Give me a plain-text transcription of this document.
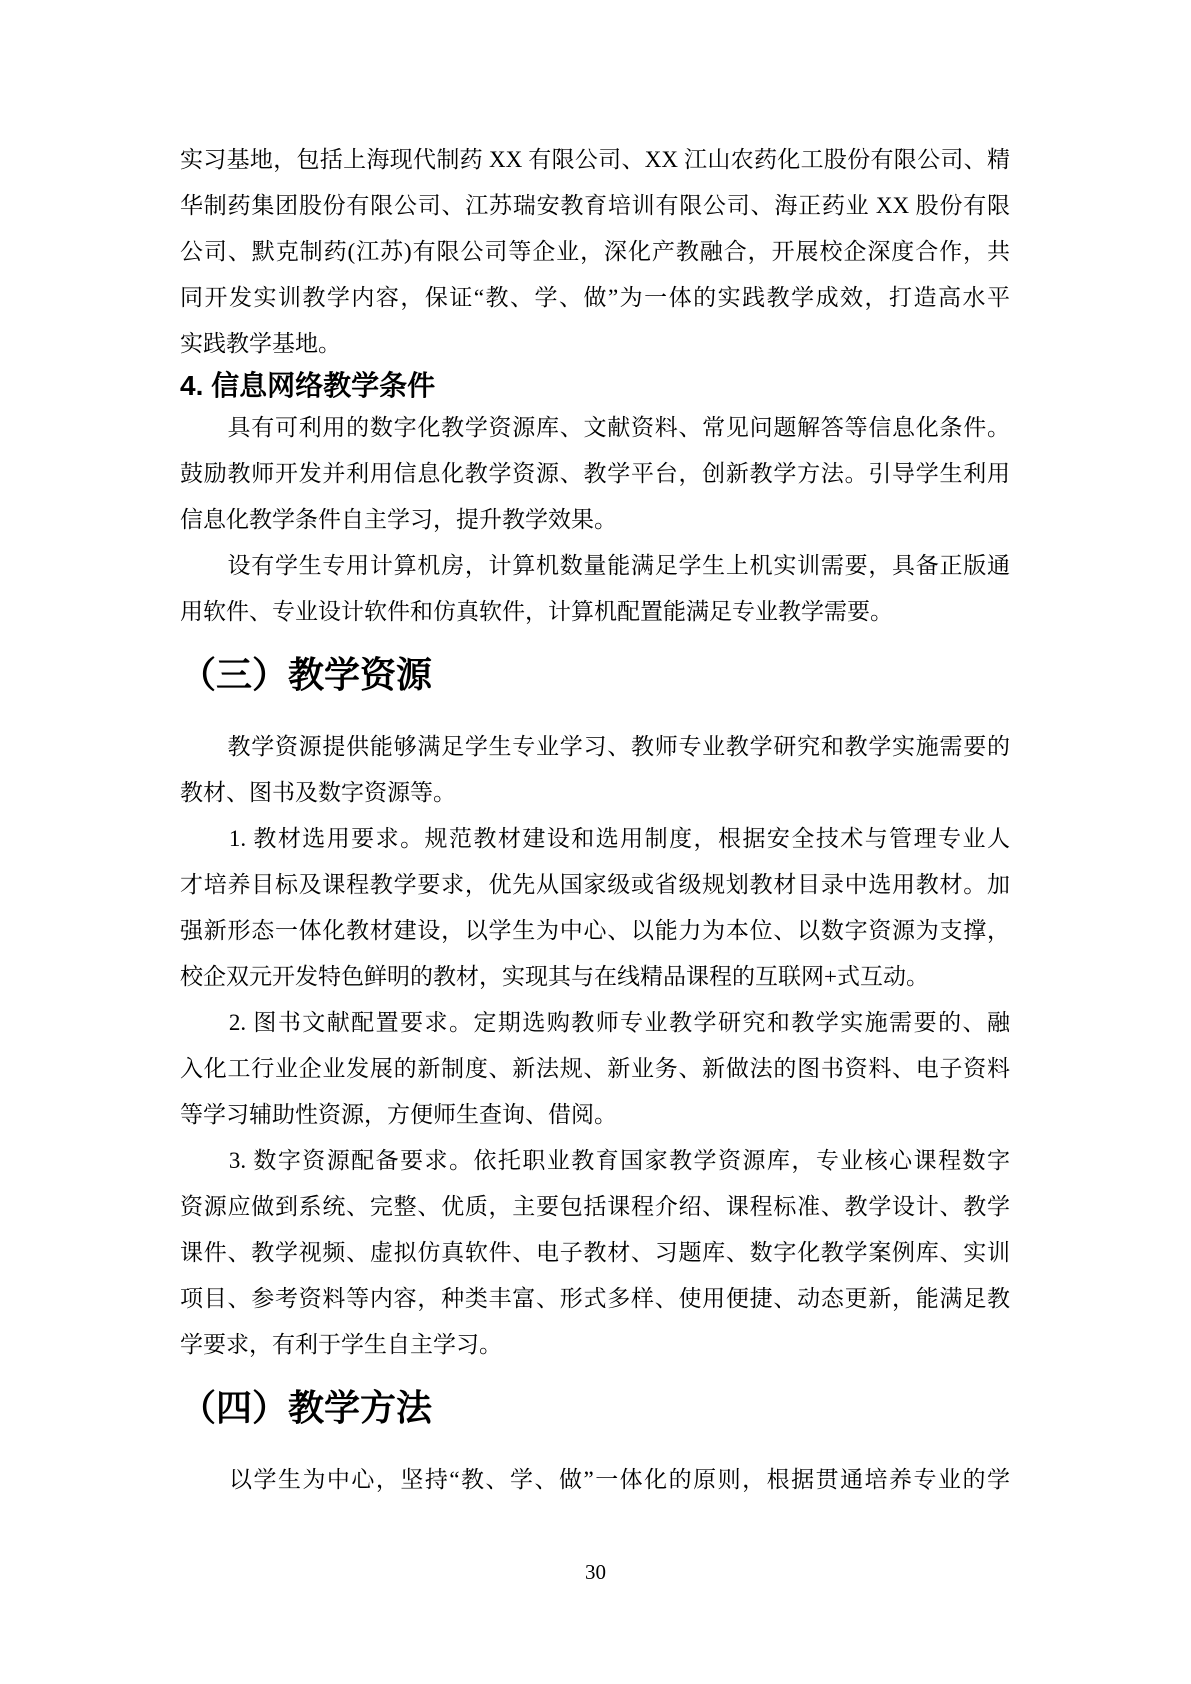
实习基地，包括上海现代制药 XX 有限公司、XX 江山农药化工股份有限公司、精
华制药集团股份有限公司、江苏瑞安教育培训有限公司、海正药业 XX 股份有限
公司、默克制药(江苏)有限公司等企业，深化产教融合，开展校企深度合作，共
同开发实训教学内容，保证“教、学、做”为一体的实践教学成效，打造高水平
实践教学基地。
4. 信息网络教学条件
　　具有可利用的数字化教学资源库、文献资料、常见问题解答等信息化条件。
鼓励教师开发并利用信息化教学资源、教学平台，创新教学方法。引导学生利用
信息化教学条件自主学习，提升教学效果。
　　设有学生专用计算机房，计算机数量能满足学生上机实训需要，具备正版通
用软件、专业设计软件和仿真软件，计算机配置能满足专业教学需要。
（三）教学资源
　　教学资源提供能够满足学生专业学习、教师专业教学研究和教学实施需要的
教材、图书及数字资源等。
　　1. 教材选用要求。规范教材建设和选用制度，根据安全技术与管理专业人
才培养目标及课程教学要求，优先从国家级或省级规划教材目录中选用教材。加
强新形态一体化教材建设，以学生为中心、以能力为本位、以数字资源为支撑，
校企双元开发特色鲜明的教材，实现其与在线精品课程的互联网+式互动。
　　2. 图书文献配置要求。定期选购教师专业教学研究和教学实施需要的、融
入化工行业企业发展的新制度、新法规、新业务、新做法的图书资料、电子资料
等学习辅助性资源，方便师生查询、借阅。
　　3. 数字资源配备要求。依托职业教育国家教学资源库，专业核心课程数字
资源应做到系统、完整、优质，主要包括课程介绍、课程标准、教学设计、教学
课件、教学视频、虚拟仿真软件、电子教材、习题库、数字化教学案例库、实训
项目、参考资料等内容，种类丰富、形式多样、使用便捷、动态更新，能满足教
学要求，有利于学生自主学习。
（四）教学方法
　　以学生为中心，坚持“教、学、做”一体化的原则，根据贯通培养专业的学
30
